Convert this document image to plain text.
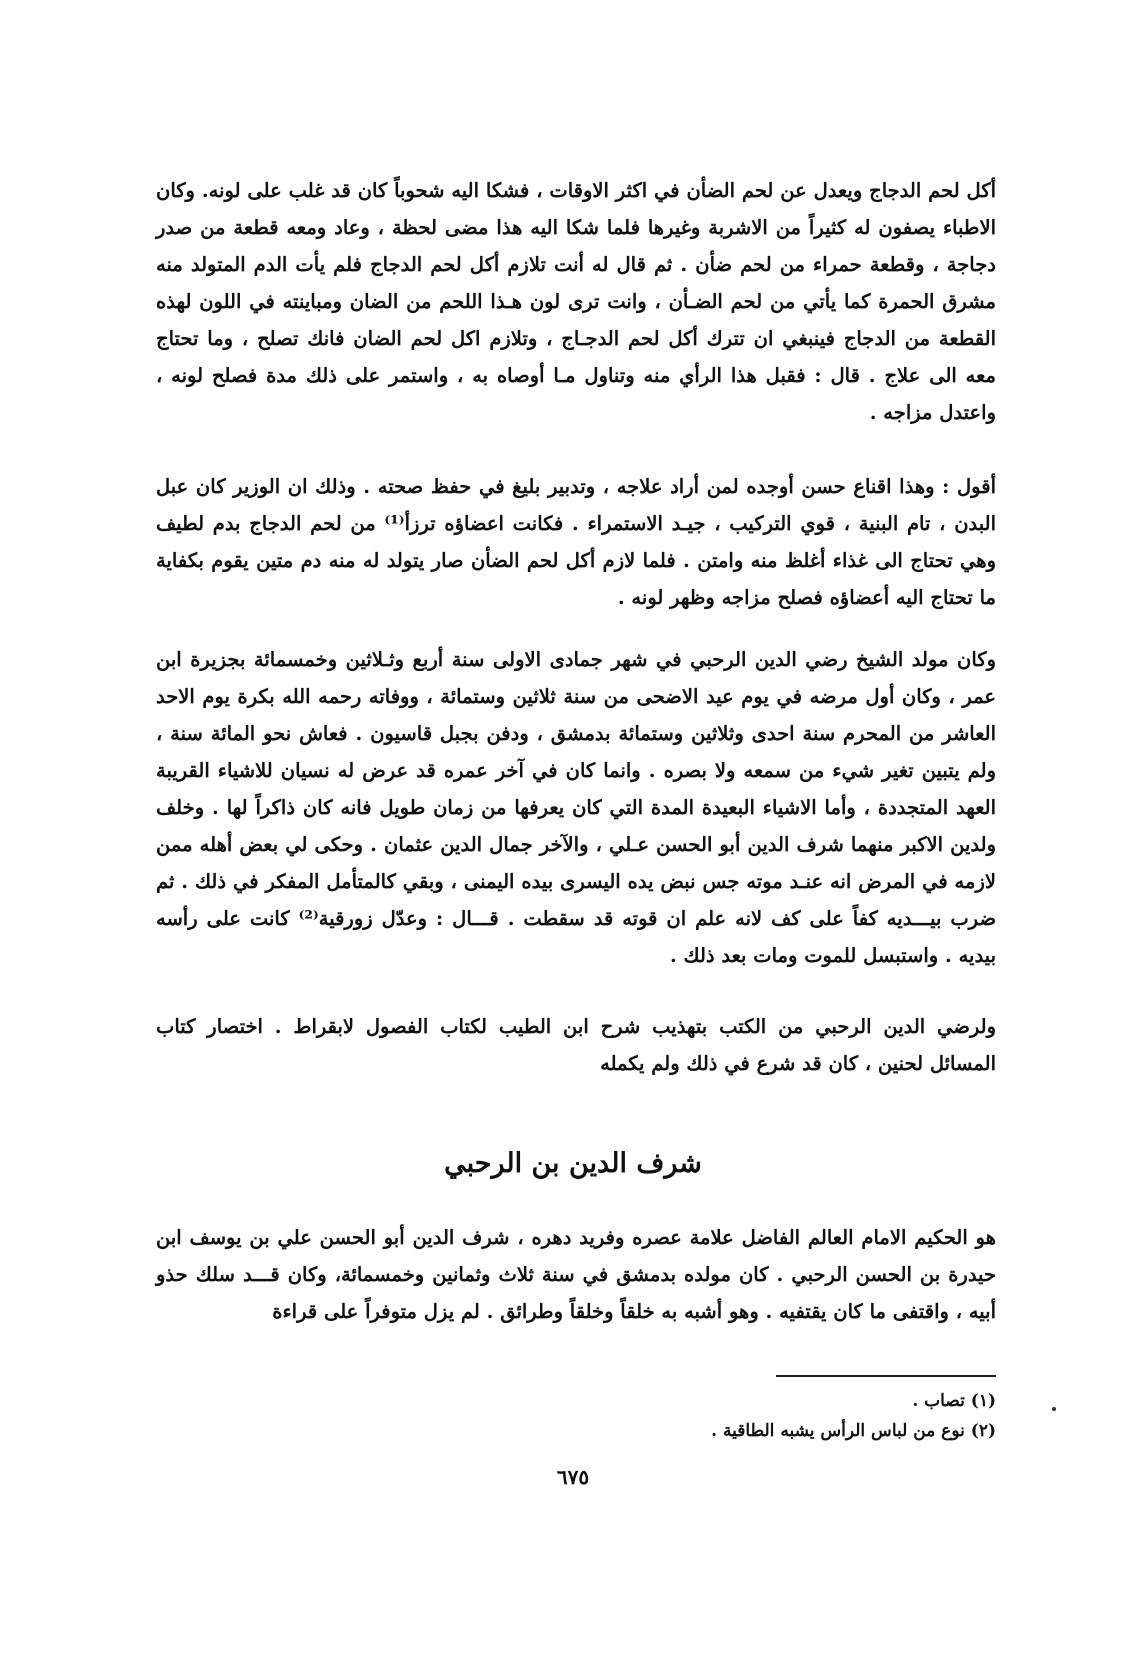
أكل لحم الدجاج ويعدل عن لحم الضأن في اكثر الاوقات ، فشكا اليه شحوباً كان قد غلب على لونه. وكان الاطباء يصفون له كثيراً من الاشربة وغيرها فلما شكا اليه هذا مضى لحظة ، وعاد ومعه قطعة من صدر دجاجة ، وقطعة حمراء من لحم ضأن . ثم قال له أنت تلازم أكل لحم الدجاج فلم يأت الدم المتولد منه مشرق الحمرة كما يأتي من لحم الضـأن ، وانت ترى لون هـذا اللحم من الضان ومباينته في اللون لهذه القطعة من الدجاج فينبغي ان تترك أكل لحم الدجـاج ، وتلازم اكل لحم الضان فانك تصلح ، وما تحتاج معه الى علاج . قال : فقبل هذا الرأي منه وتناول مـا أوصاه به ، واستمر على ذلك مدة فصلح لونه ، واعتدل مزاجه .

أقول : وهذا اقناع حسن أوجده لمن أراد علاجه ، وتدبير بليغ في حفظ صحته . وذلك ان الوزير كان عبل البدن ، تام البنية ، قوي التركيب ، جيـد الاستمراء . فكانت اعضاؤه ترزأ⁽¹⁾ من لحم الدجاج بدم لطيف وهي تحتاج الى غذاء أغلظ منه وامتن . فلما لازم أكل لحم الضأن صار يتولد له منه دم متين يقوم بكفاية ما تحتاج اليه أعضاؤه فصلح مزاجه وظهر لونه .

وكان مولد الشيخ رضي الدين الرحبي في شهر جمادى الاولى سنة أربع وثـلاثين وخمسمائة بجزيرة ابن عمر ، وكان أول مرضه في يوم عيد الاضحى من سنة ثلاثين وستمائة ، ووفاته رحمه الله بكرة يوم الاحد العاشر من المحرم سنة احدى وثلاثين وستمائة بدمشق ، ودفن بجبل قاسيون . فعاش نحو المائة سنة ، ولم يتبين تغير شيء من سمعه ولا بصره . وانما كان في آخر عمره قد عرض له نسيان للاشياء القريبة العهد المتجددة ، وأما الاشياء البعيدة المدة التي كان يعرفها من زمان طويل فانه كان ذاكراً لها . وخلف ولدين الاكبر منهما شرف الدين أبو الحسن عـلي ، والآخر جمال الدين عثمان . وحكى لي بعض أهله ممن لازمه في المرض انه عنـد موته جس نبض يده اليسرى بيده اليمنى ، وبقي كالمتأمل المفكر في ذلك . ثم ضرب بيـــديه كفاً على كف لانه علم ان قوته قد سقطت . قـــال : وعدّل زورقية⁽²⁾ كانت على رأسه بيديه . واستبسل للموت ومات بعد ذلك .

ولرضي الدين الرحبي من الكتب بتهذيب شرح ابن الطيب لكتاب الفصول لابقراط . اختصار كتاب المسائل لحنين ، كان قد شرع في ذلك ولم يكمله

شرف الدين بن الرحبي

هو الحكيم الامام العالم الفاضل علامة عصره وفريد دهره ، شرف الدين أبو الحسن علي بن يوسف ابن حيدرة بن الحسن الرحبي . كان مولده بدمشق في سنة ثلاث وثمانين وخمسمائة، وكان قـــد سلك حذو أبيه ، واقتفى ما كان يقتفيه . وهو أشبه به خلقاً وخلقاً وطرائق . لم يزل متوفراً على قراءة

(١) تصاب .
(٢) نوع من لباس الرأس يشبه الطاقية .
٦٧٥
